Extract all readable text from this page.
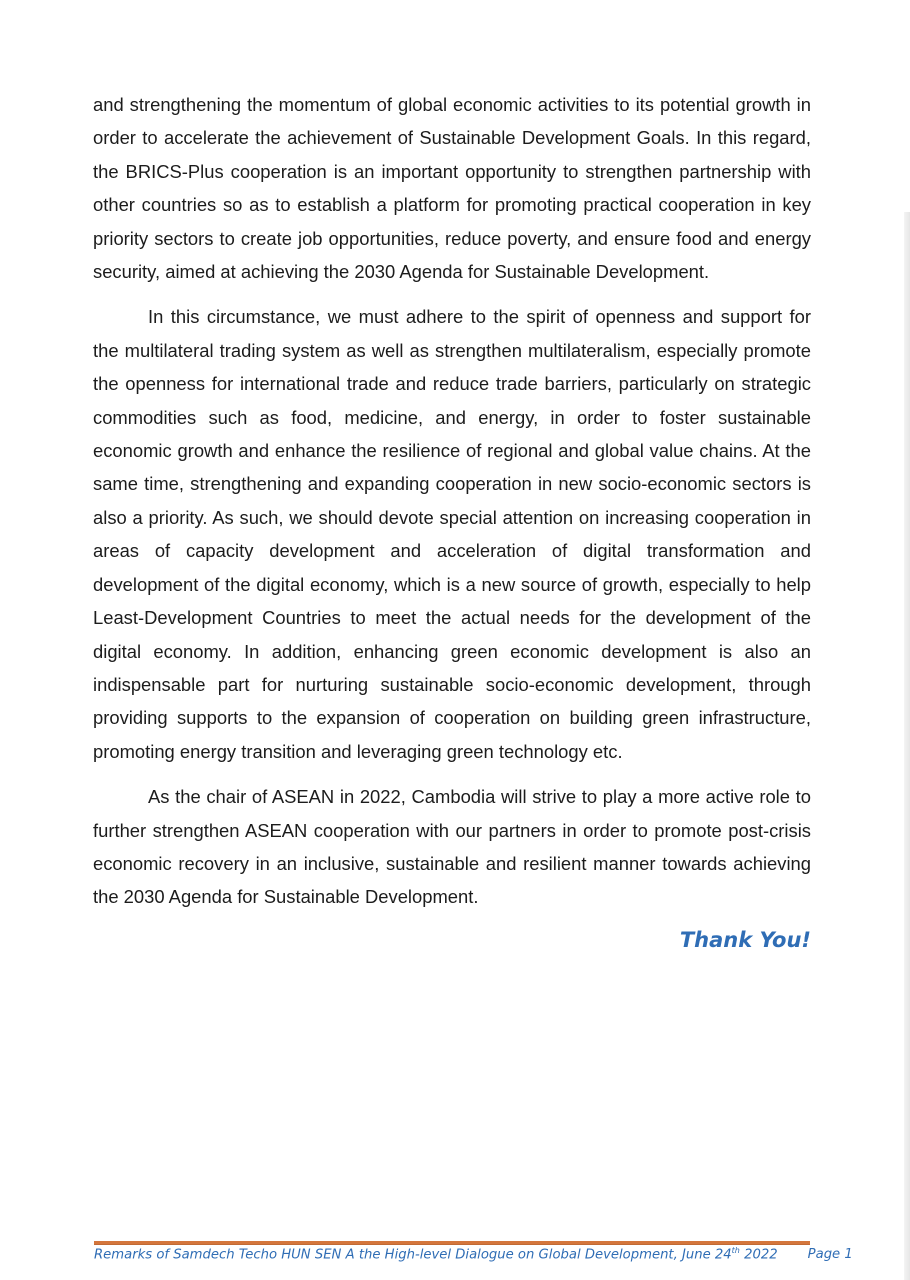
and strengthening the momentum of global economic activities to its potential growth in order to accelerate the achievement of Sustainable Development Goals. In this regard, the BRICS-Plus cooperation is an important opportunity to strengthen partnership with other countries so as to establish a platform for promoting practical cooperation in key priority sectors to create job opportunities, reduce poverty, and ensure food and energy security, aimed at achieving the 2030 Agenda for Sustainable Development.

In this circumstance, we must adhere to the spirit of openness and support for the multilateral trading system as well as strengthen multilateralism, especially promote the openness for international trade and reduce trade barriers, particularly on strategic commodities such as food, medicine, and energy, in order to foster sustainable economic growth and enhance the resilience of regional and global value chains. At the same time, strengthening and expanding cooperation in new socio-economic sectors is also a priority. As such, we should devote special attention on increasing cooperation in areas of capacity development and acceleration of digital transformation and development of the digital economy, which is a new source of growth, especially to help Least-Development Countries to meet the actual needs for the development of the digital economy. In addition, enhancing green economic development is also an indispensable part for nurturing sustainable socio-economic development, through providing supports to the expansion of cooperation on building green infrastructure, promoting energy transition and leveraging green technology etc.

As the chair of ASEAN in 2022, Cambodia will strive to play a more active role to further strengthen ASEAN cooperation with our partners in order to promote post-crisis economic recovery in an inclusive, sustainable and resilient manner towards achieving the 2030 Agenda for Sustainable Development.

Thank You!
Remarks of Samdech Techo HUN SEN A the High-level Dialogue on Global Development, June 24th 2022 Page 1
